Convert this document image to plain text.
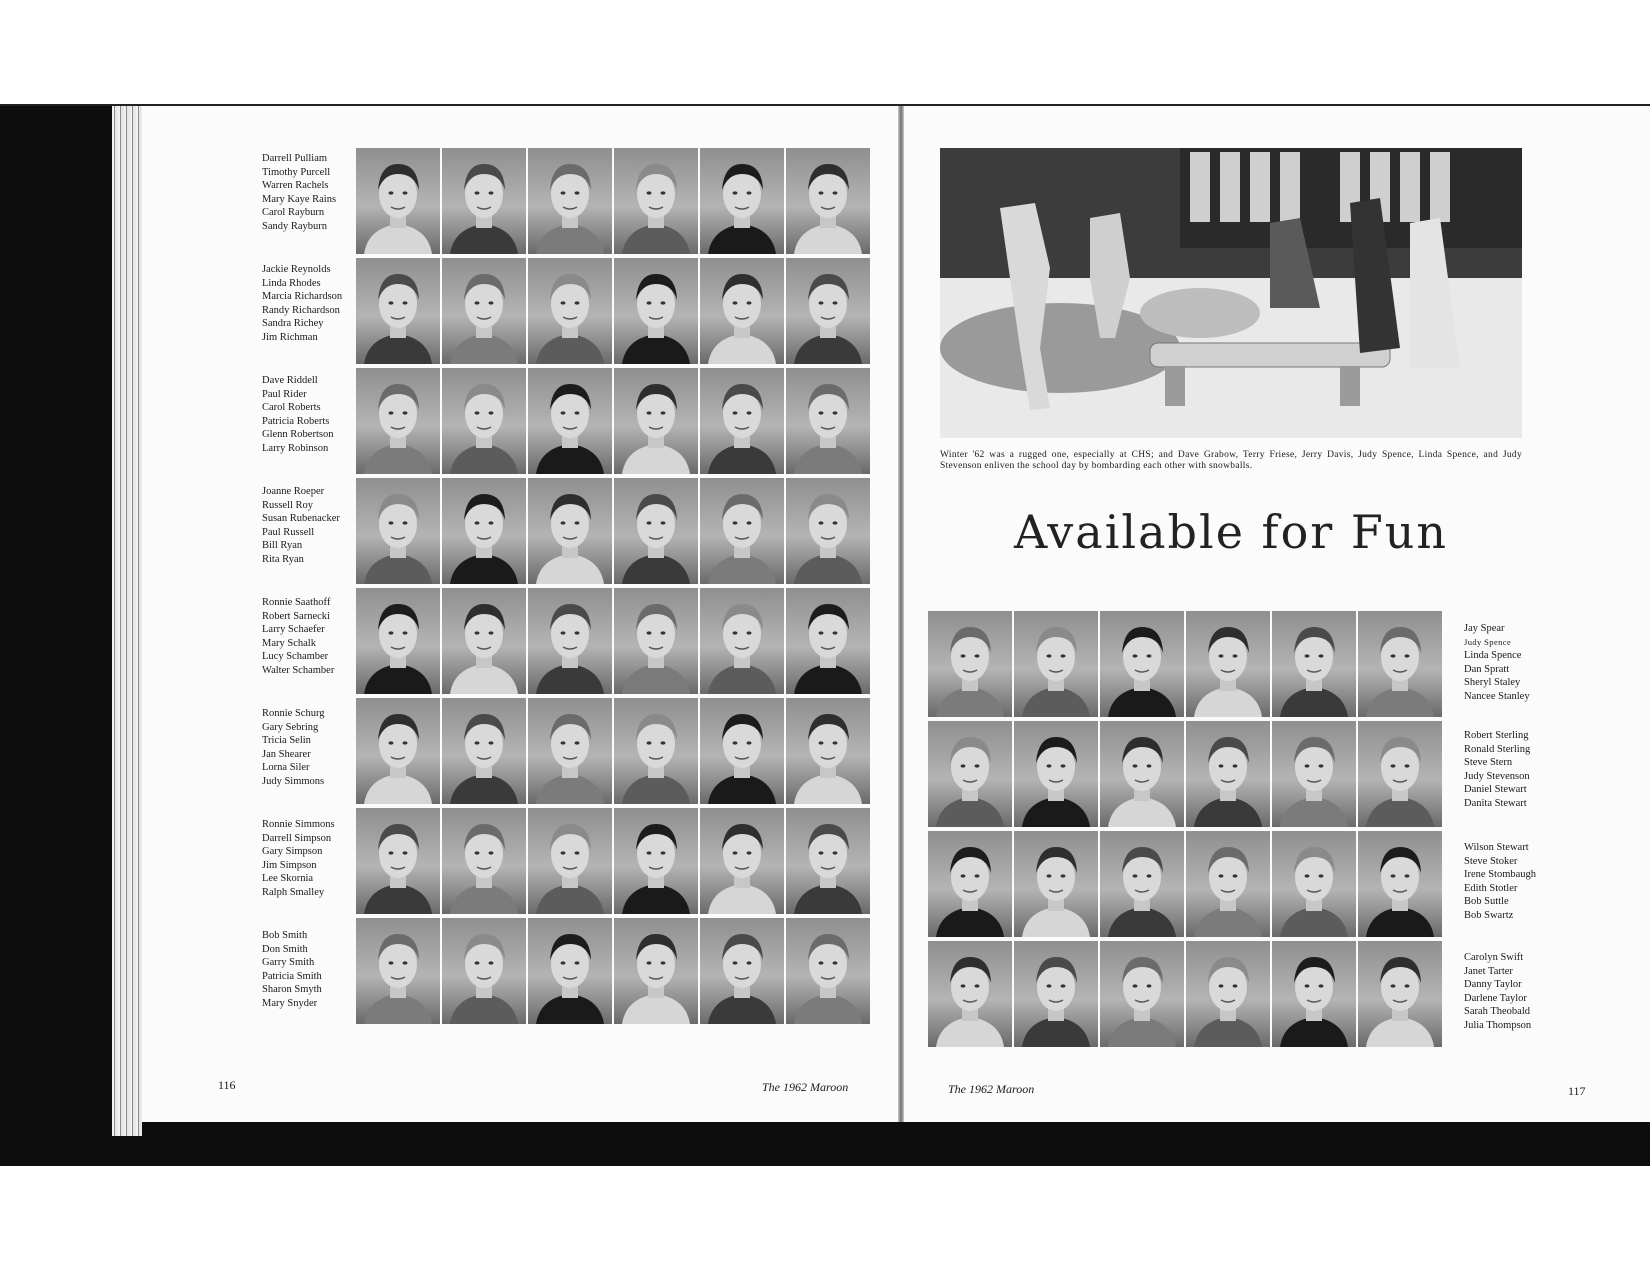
Darrell Pulliam
Timothy Purcell
Warren Rachels
Mary Kaye Rains
Carol Rayburn
Sandy Rayburn
Jackie Reynolds
Linda Rhodes
Marcia Richardson
Randy Richardson
Sandra Richey
Jim Richman
Dave Riddell
Paul Rider
Carol Roberts
Patricia Roberts
Glenn Robertson
Larry Robinson
Joanne Roeper
Russell Roy
Susan Rubenacker
Paul Russell
Bill Ryan
Rita Ryan
Ronnie Saathoff
Robert Sarnecki
Larry Schaefer
Mary Schalk
Lucy Schamber
Walter Schamber
Ronnie Schurg
Gary Sebring
Tricia Selin
Jan Shearer
Lorna Siler
Judy Simmons
Ronnie Simmons
Darrell Simpson
Gary Simpson
Jim Simpson
Lee Skornia
Ralph Smalley
Bob Smith
Don Smith
Garry Smith
Patricia Smith
Sharon Smyth
Mary Snyder
Winter '62 was a rugged one, especially at CHS; and Dave Grabow, Terry Friese, Jerry Davis, Judy Spence, Linda Spence, and Judy Stevenson enliven the school day by bombarding each other with snowballs.
Available for Fun
Jay Spear
Judy Spence
Linda Spence
Dan Spratt
Sheryl Staley
Nancee Stanley
Robert Sterling
Ronald Sterling
Steve Stern
Judy Stevenson
Daniel Stewart
Danita Stewart
Wilson Stewart
Steve Stoker
Irene Stombaugh
Edith Stotler
Bob Suttle
Bob Swartz
Carolyn Swift
Janet Tarter
Danny Taylor
Darlene Taylor
Sarah Theobald
Julia Thompson
116	The 1962 Maroon	The 1962 Maroon	117
